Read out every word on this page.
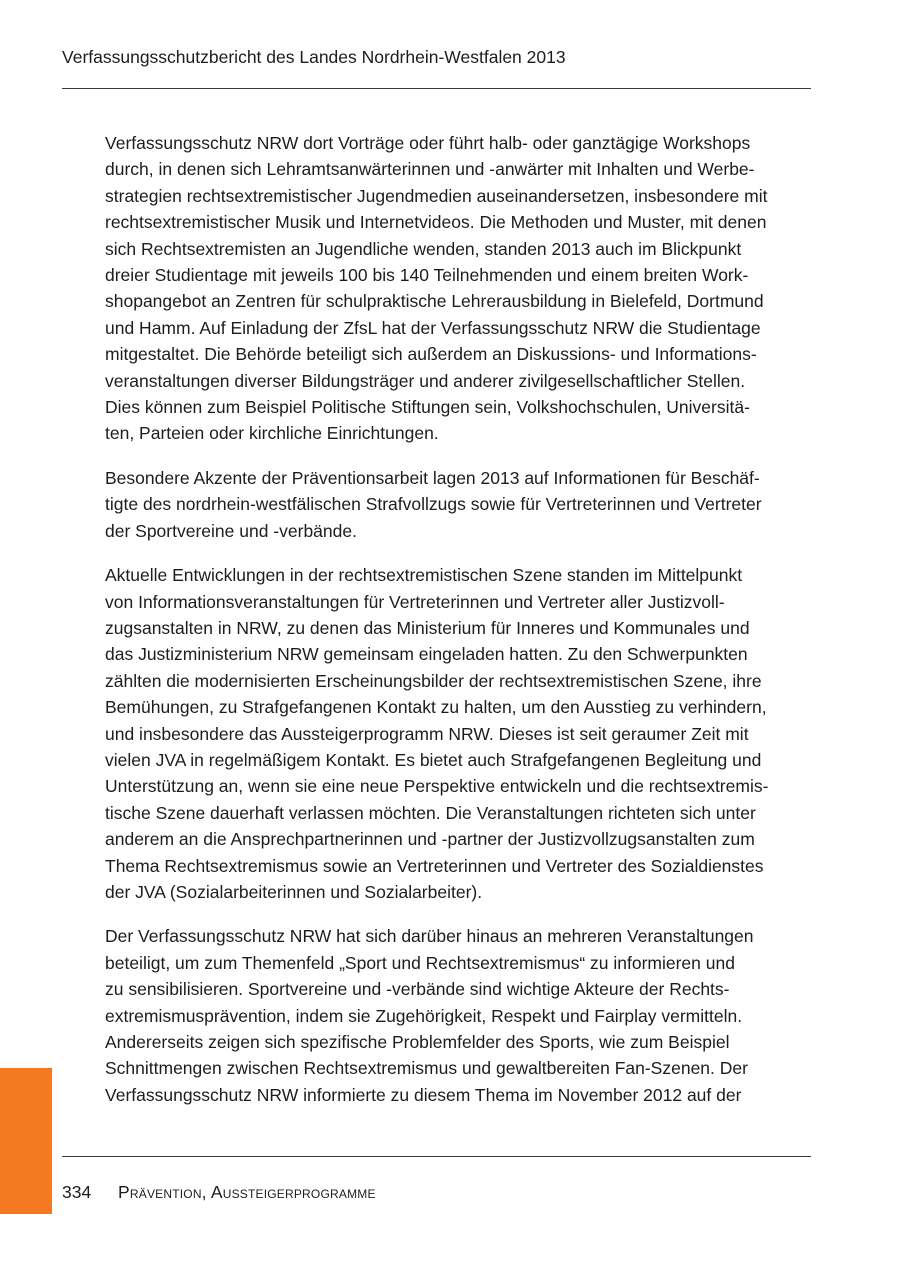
Verfassungsschutzbericht des Landes Nordrhein-Westfalen 2013

Verfassungsschutz NRW dort Vorträge oder führt halb- oder ganztägige Workshops
durch, in denen sich Lehramtsanwärterinnen und -anwärter mit Inhalten und Werbe-
strategien rechtsextremistischer Jugendmedien auseinandersetzen, insbesondere mit
rechtsextremistischer Musik und Internetvideos. Die Methoden und Muster, mit denen
sich Rechtsextremisten an Jugendliche wenden, standen 2013 auch im Blickpunkt
dreier Studientage mit jeweils 100 bis 140 Teilnehmenden und einem breiten Work-
shopangebot an Zentren für schulpraktische Lehrerausbildung in Bielefeld, Dortmund
und Hamm. Auf Einladung der ZfsL hat der Verfassungsschutz NRW die Studientage
mitgestaltet. Die Behörde beteiligt sich außerdem an Diskussions- und Informations-
veranstaltungen diverser Bildungsträger und anderer zivilgesellschaftlicher Stellen.
Dies können zum Beispiel Politische Stiftungen sein, Volkshochschulen, Universitä-
ten, Parteien oder kirchliche Einrichtungen.

Besondere Akzente der Präventionsarbeit lagen 2013 auf Informationen für Beschäf-
tigte des nordrhein-westfälischen Strafvollzugs sowie für Vertreterinnen und Vertreter
der Sportvereine und -verbände.

Aktuelle Entwicklungen in der rechtsextremistischen Szene standen im Mittelpunkt
von Informationsveranstaltungen für Vertreterinnen und Vertreter aller Justizvoll-
zugsanstalten in NRW, zu denen das Ministerium für Inneres und Kommunales und
das Justizministerium NRW gemeinsam eingeladen hatten. Zu den Schwerpunkten
zählten die modernisierten Erscheinungsbilder der rechtsextremistischen Szene, ihre
Bemühungen, zu Strafgefangenen Kontakt zu halten, um den Ausstieg zu verhindern,
und insbesondere das Aussteigerprogramm NRW. Dieses ist seit geraumer Zeit mit
vielen JVA in regelmäßigem Kontakt. Es bietet auch Strafgefangenen Begleitung und
Unterstützung an, wenn sie eine neue Perspektive entwickeln und die rechtsextremis-
tische Szene dauerhaft verlassen möchten. Die Veranstaltungen richteten sich unter
anderem an die Ansprechpartnerinnen und -partner der Justizvollzugsanstalten zum
Thema Rechtsextremismus sowie an Vertreterinnen und Vertreter des Sozialdienstes
der JVA (Sozialarbeiterinnen und Sozialarbeiter).

Der Verfassungsschutz NRW hat sich darüber hinaus an mehreren Veranstaltungen
beteiligt, um zum Themenfeld „Sport und Rechtsextremismus“ zu informieren und
zu sensibilisieren. Sportvereine und -verbände sind wichtige Akteure der Rechts-
extremismusprävention, indem sie Zugehörigkeit, Respekt und Fairplay vermitteln.
Andererseits zeigen sich spezifische Problemfelder des Sports, wie zum Beispiel
Schnittmengen zwischen Rechtsextremismus und gewaltbereiten Fan-Szenen. Der
Verfassungsschutz NRW informierte zu diesem Thema im November 2012 auf der

334 Prävention, Aussteigerprogramme
